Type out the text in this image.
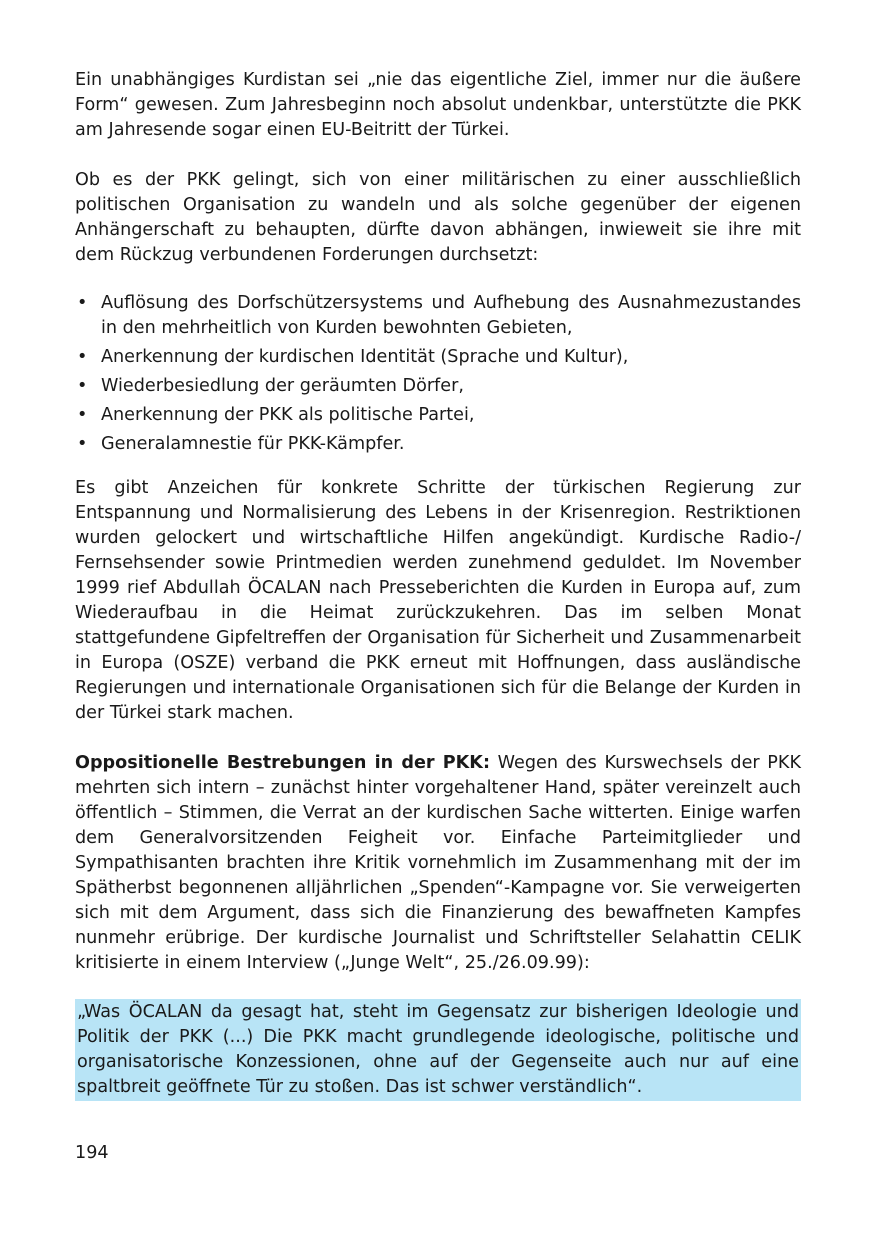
Ein unabhängiges Kurdistan sei „nie das eigentliche Ziel, immer nur die äußere Form“ gewesen. Zum Jahresbeginn noch absolut undenkbar, unterstützte die PKK am Jahresende sogar einen EU-Beitritt der Türkei.

Ob es der PKK gelingt, sich von einer militärischen zu einer ausschließlich politischen Organisation zu wandeln und als solche gegenüber der eigenen Anhängerschaft zu behaupten, dürfte davon abhängen, inwieweit sie ihre mit dem Rückzug verbundenen Forderungen durchsetzt:

• Auflösung des Dorfschützersystems und Aufhebung des Ausnahmezustandes in den mehrheitlich von Kurden bewohnten Gebieten,
• Anerkennung der kurdischen Identität (Sprache und Kultur),
• Wiederbesiedlung der geräumten Dörfer,
• Anerkennung der PKK als politische Partei,
• Generalamnestie für PKK-Kämpfer.

Es gibt Anzeichen für konkrete Schritte der türkischen Regierung zur Entspannung und Normalisierung des Lebens in der Krisenregion. Restriktionen wurden gelockert und wirtschaftliche Hilfen angekündigt. Kurdische Radio-/ Fernsehsender sowie Printmedien werden zunehmend geduldet. Im November 1999 rief Abdullah ÖCALAN nach Presseberichten die Kurden in Europa auf, zum Wiederaufbau in die Heimat zurückzukehren. Das im selben Monat stattgefundene Gipfeltreffen der Organisation für Sicherheit und Zusammenarbeit in Europa (OSZE) verband die PKK erneut mit Hoffnungen, dass ausländische Regierungen und internationale Organisationen sich für die Belange der Kurden in der Türkei stark machen.

Oppositionelle Bestrebungen in der PKK: Wegen des Kurswechsels der PKK mehrten sich intern – zunächst hinter vorgehaltener Hand, später vereinzelt auch öffentlich – Stimmen, die Verrat an der kurdischen Sache witterten. Einige warfen dem Generalvorsitzenden Feigheit vor. Einfache Parteimitglieder und Sympathisanten brachten ihre Kritik vornehmlich im Zusammenhang mit der im Spätherbst begonnenen alljährlichen „Spenden“-Kampagne vor. Sie verweigerten sich mit dem Argument, dass sich die Finanzierung des bewaffneten Kampfes nunmehr erübrige. Der kurdische Journalist und Schriftsteller Selahattin CELIK kritisierte in einem Interview („Junge Welt“, 25./26.09.99):

„Was ÖCALAN da gesagt hat, steht im Gegensatz zur bisherigen Ideologie und Politik der PKK (...) Die PKK macht grundlegende ideologische, politische und organisatorische Konzessionen, ohne auf der Gegenseite auch nur auf eine spaltbreit geöffnete Tür zu stoßen. Das ist schwer verständlich“.

194
